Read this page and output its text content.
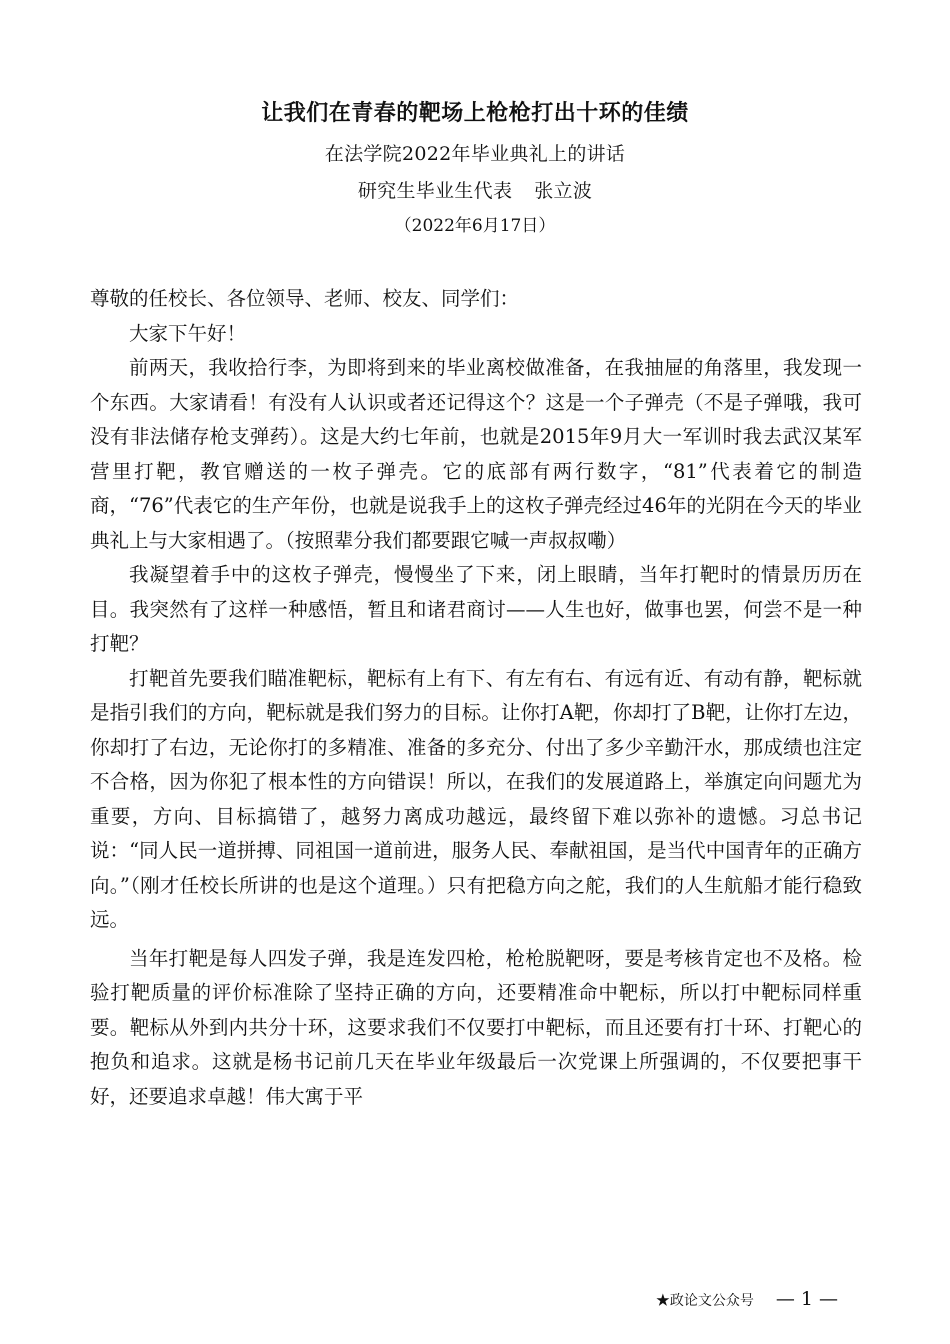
让我们在青春的靶场上枪枪打出十环的佳绩
在法学院2022年毕业典礼上的讲话
研究生毕业生代表 张立波
（2022年6月17日）

尊敬的任校长、各位领导、老师、校友、同学们：

大家下午好！

前两天，我收拾行李，为即将到来的毕业离校做准备，在我抽屉的角落里，我发现一个东西。大家请看！有没有人认识或者还记得这个？这是一个子弹壳（不是子弹哦，我可没有非法储存枪支弹药）。这是大约七年前，也就是2015年9月大一军训时我去武汉某军营里打靶，教官赠送的一枚子弹壳。它的底部有两行数字，“81”代表着它的制造商，“76”代表它的生产年份，也就是说我手上的这枚子弹壳经过46年的光阴在今天的毕业典礼上与大家相遇了。（按照辈分我们都要跟它喊一声叔叔嘞）

我凝望着手中的这枚子弹壳，慢慢坐了下来，闭上眼睛，当年打靶时的情景历历在目。我突然有了这样一种感悟，暂且和诸君商讨——人生也好，做事也罢，何尝不是一种打靶？

打靶首先要我们瞄准靶标，靶标有上有下、有左有右、有远有近、有动有静，靶标就是指引我们的方向，靶标就是我们努力的目标。让你打A靶，你却打了B靶，让你打左边，你却打了右边，无论你打的多精准、准备的多充分、付出了多少辛勤汗水，那成绩也注定不合格，因为你犯了根本性的方向错误！所以，在我们的发展道路上，举旗定向问题尤为重要，方向、目标搞错了，越努力离成功越远，最终留下难以弥补的遗憾。习总书记说：“同人民一道拼搏、同祖国一道前进，服务人民、奉献祖国，是当代中国青年的正确方向。”（刚才任校长所讲的也是这个道理。）只有把稳方向之舵，我们的人生航船才能行稳致远。

当年打靶是每人四发子弹，我是连发四枪，枪枪脱靶呀，要是考核肯定也不及格。检验打靶质量的评价标准除了坚持正确的方向，还要精准命中靶标，所以打中靶标同样重要。靶标从外到内共分十环，这要求我们不仅要打中靶标，而且还要有打十环、打靶心的抱负和追求。这就是杨书记前几天在毕业年级最后一次党课上所强调的，不仅要把事干好，还要追求卓越！伟大寓于平

★政论文公众号 — 1 —
